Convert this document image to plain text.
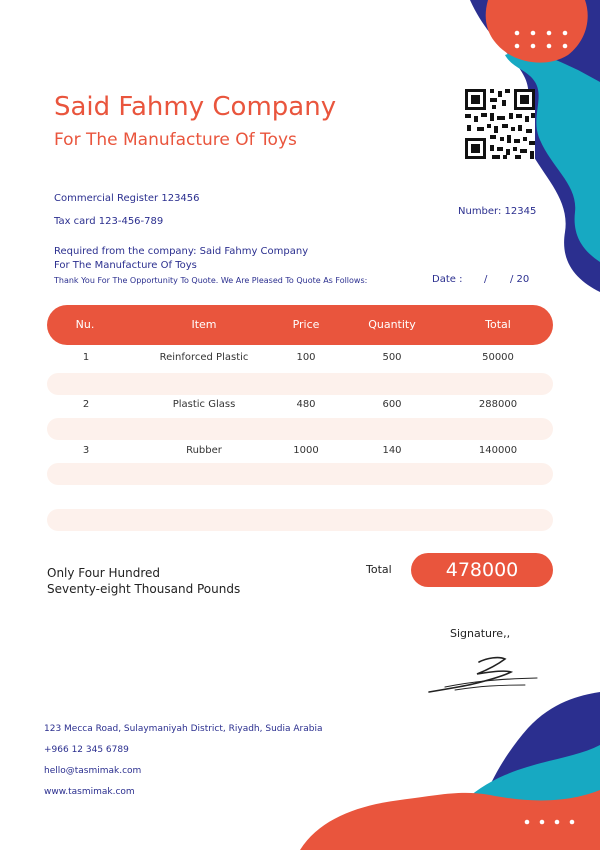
Said Fahmy Company
For The Manufacture Of Toys
Commercial Register 123456
Tax card 123-456-789
Number: 12345
Required from the company: Said Fahmy Company
For The Manufacture Of Toys
Thank You For The Opportunity To Quote. We Are Pleased To Quote As Follows:	Date : / / 20
Nu.	Item	Price	Quantity	Total
1	Reinforced Plastic	100	500	50000
2	Plastic Glass	480	600	288000
3	Rubber	1000	140	140000
Only Four Hundred
Seventy-eight Thousand Pounds
Total	478000
Signature,,
123 Mecca Road, Sulaymaniyah District, Riyadh, Sudia Arabia
+966 12 345 6789
hello@tasmimak.com
www.tasmimak.com
